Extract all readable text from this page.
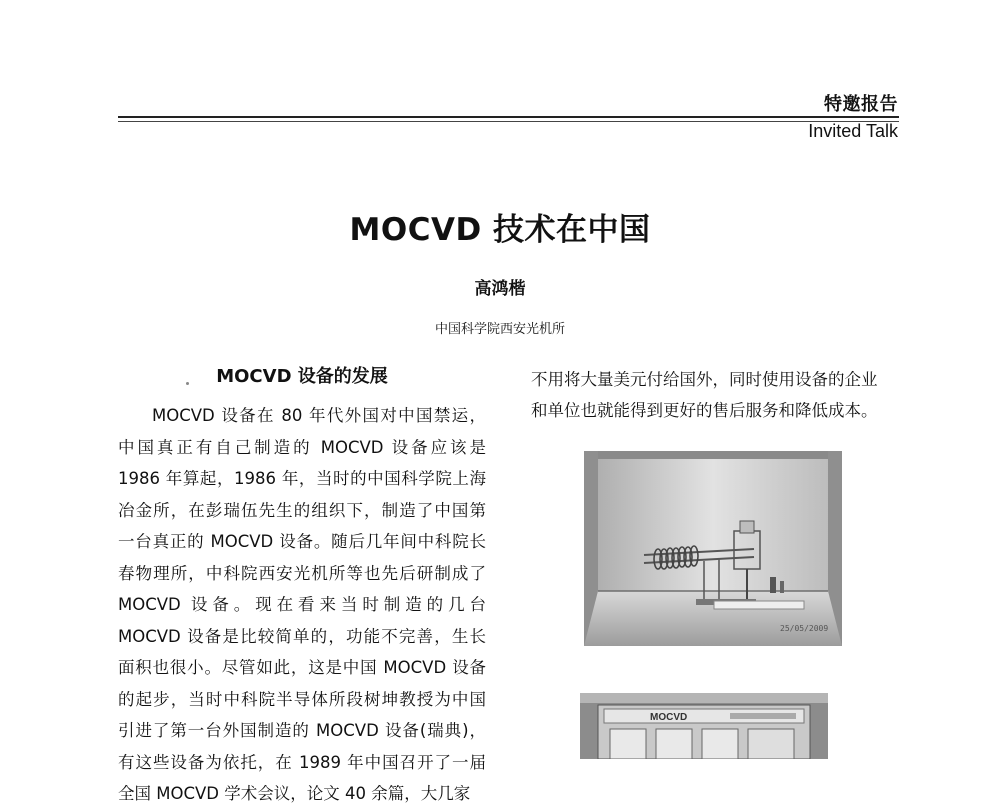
特邀报告
Invited Talk
MOCVD 技术在中国
高鸿楷
中国科学院西安光机所
MOCVD 设备的发展
MOCVD 设备在 80 年代外国对中国禁运，
中国真正有自己制造的 MOCVD 设备应该是
1986 年算起，1986 年，当时的中国科学院上海
冶金所，在彭瑞伍先生的组织下，制造了中国第
一台真正的 MOCVD 设备。随后几年间中科院长
春物理所，中科院西安光机所等也先后研制成了
MOCVD 设备。现在看来当时制造的几台
MOCVD 设备是比较简单的，功能不完善，生长
面积也很小。尽管如此，这是中国 MOCVD 设备
的起步，当时中科院半导体所段树坤教授为中国
引进了第一台外国制造的 MOCVD 设备(瑞典)，
有这些设备为依托，在 1989 年中国召开了一届
全国 MOCVD 学术会议，论文 40 余篇，大几家
不用将大量美元付给国外，同时使用设备的企业
和单位也就能得到更好的售后服务和降低成本。
25/05/2009
MOCVD
